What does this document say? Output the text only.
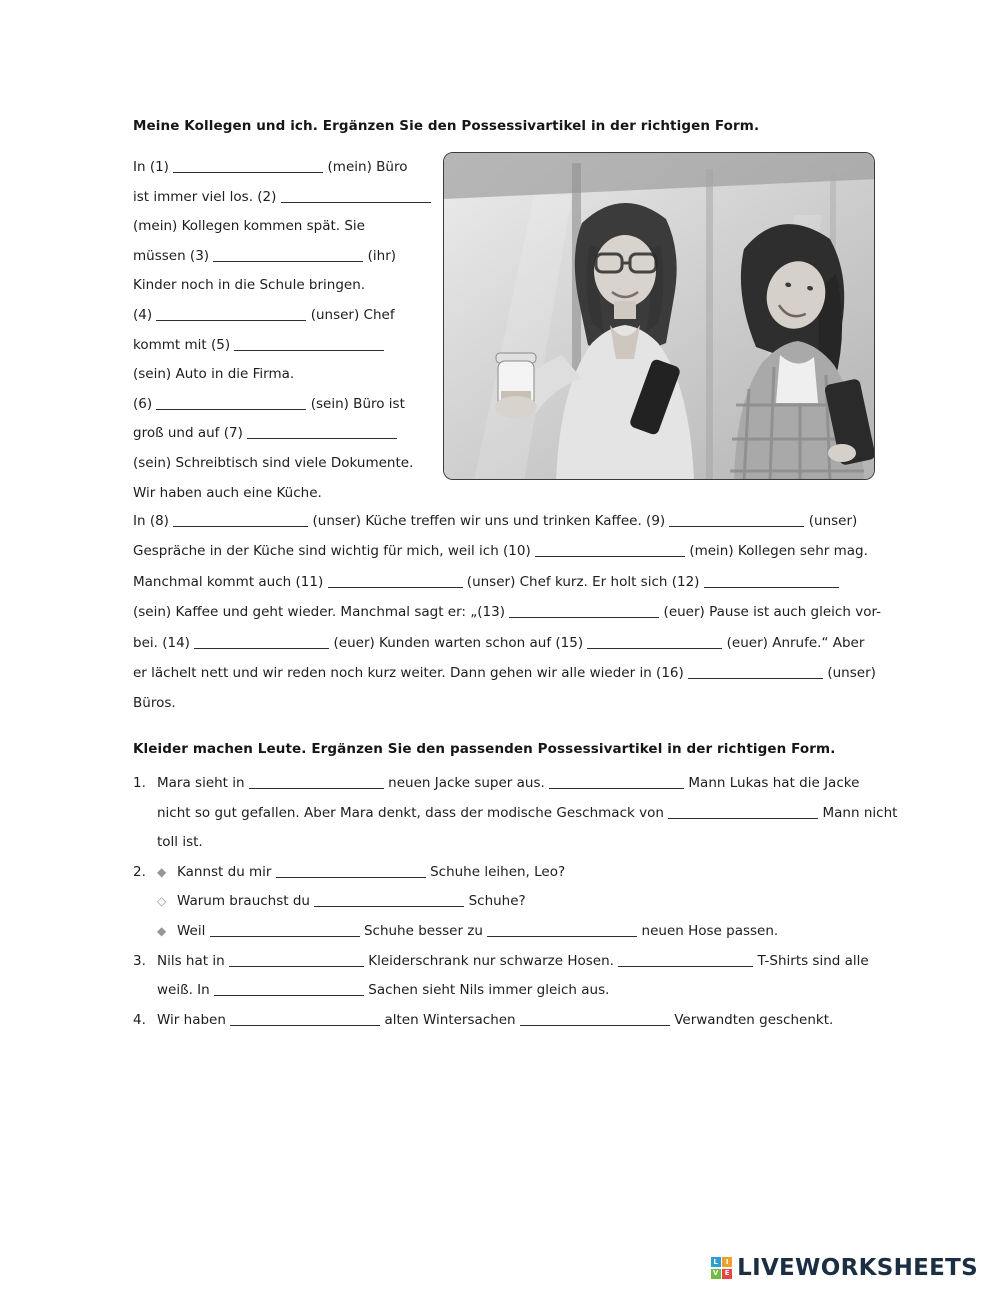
Meine Kollegen und ich. Ergänzen Sie den Possessivartikel in der richtigen Form.
In (1)	(mein) Büro
ist immer viel los. (2)
(mein) Kollegen kommen spät. Sie
müssen (3)	(ihr)
Kinder noch in die Schule bringen.
(4)	(unser) Chef
kommt mit (5)
(sein) Auto in die Firma.
(6)	(sein) Büro ist
groß und auf (7)
(sein) Schreibtisch sind viele Dokumente.
Wir haben auch eine Küche.
In (8)	(unser) Küche treffen wir uns und trinken Kaffee. (9)	(unser)
Gespräche in der Küche sind wichtig für mich, weil ich (10)	(mein) Kollegen sehr mag.
Manchmal kommt auch (11)	(unser) Chef kurz. Er holt sich (12)
(sein) Kaffee und geht wieder. Manchmal sagt er: „(13)	(euer) Pause ist auch gleich vor-
bei. (14)	(euer) Kunden warten schon auf (15)	(euer) Anrufe.“ Aber
er lächelt nett und wir reden noch kurz weiter. Dann gehen wir alle wieder in (16)	(unser)
Büros.
Kleider machen Leute. Ergänzen Sie den passenden Possessivartikel in der richtigen Form.
1. Mara sieht in	neuen Jacke super aus.	Mann Lukas hat die Jacke
nicht so gut gefallen. Aber Mara denkt, dass der modische Geschmack von	Mann nicht
toll ist.
2. ◆ Kannst du mir	Schuhe leihen, Leo?
◇ Warum brauchst du	Schuhe?
◆ Weil	Schuhe besser zu	neuen Hose passen.
3. Nils hat in	Kleiderschrank nur schwarze Hosen.	T-Shirts sind alle
weiß. In	Sachen sieht Nils immer gleich aus.
4. Wir haben	alten Wintersachen	Verwandten geschenkt.
L	I
V E LIVEWORKSHEETS
